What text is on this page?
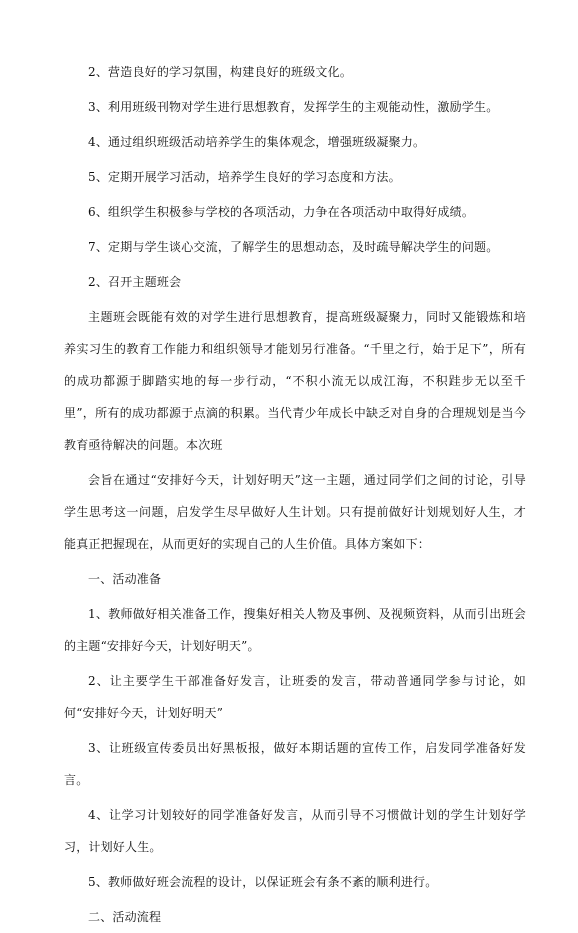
2、营造良好的学习氛围，构建良好的班级文化。

3、利用班级刊物对学生进行思想教育，发挥学生的主观能动性，激励学生。

4、通过组织班级活动培养学生的集体观念，增强班级凝聚力。

5、定期开展学习活动，培养学生良好的学习态度和方法。

6、组织学生积极参与学校的各项活动，力争在各项活动中取得好成绩。

7、定期与学生谈心交流，了解学生的思想动态，及时疏导解决学生的问题。

2、召开主题班会

主题班会既能有效的对学生进行思想教育，提高班级凝聚力，同时又能锻炼和培养实习生的教育工作能力和组织领导才能划另行准备。“千里之行，始于足下”，所有的成功都源于脚踏实地的每一步行动，“不积小流无以成江海，不积跬步无以至千里”，所有的成功都源于点滴的积累。当代青少年成长中缺乏对自身的合理规划是当今教育亟待解决的问题。本次班

会旨在通过“安排好今天，计划好明天”这一主题，通过同学们之间的讨论，引导学生思考这一问题，启发学生尽早做好人生计划。只有提前做好计划规划好人生，才能真正把握现在，从而更好的实现自己的人生价值。具体方案如下：

一、活动准备

1、教师做好相关准备工作，搜集好相关人物及事例、及视频资料，从而引出班会的主题“安排好今天，计划好明天”。

2、让主要学生干部准备好发言，让班委的发言，带动普通同学参与讨论，如何“安排好今天，计划好明天”

3、让班级宣传委员出好黑板报，做好本期话题的宣传工作，启发同学准备好发言。

4、让学习计划较好的同学准备好发言，从而引导不习惯做计划的学生计划好学习，计划好人生。

5、教师做好班会流程的设计，以保证班会有条不紊的顺利进行。

二、活动流程
